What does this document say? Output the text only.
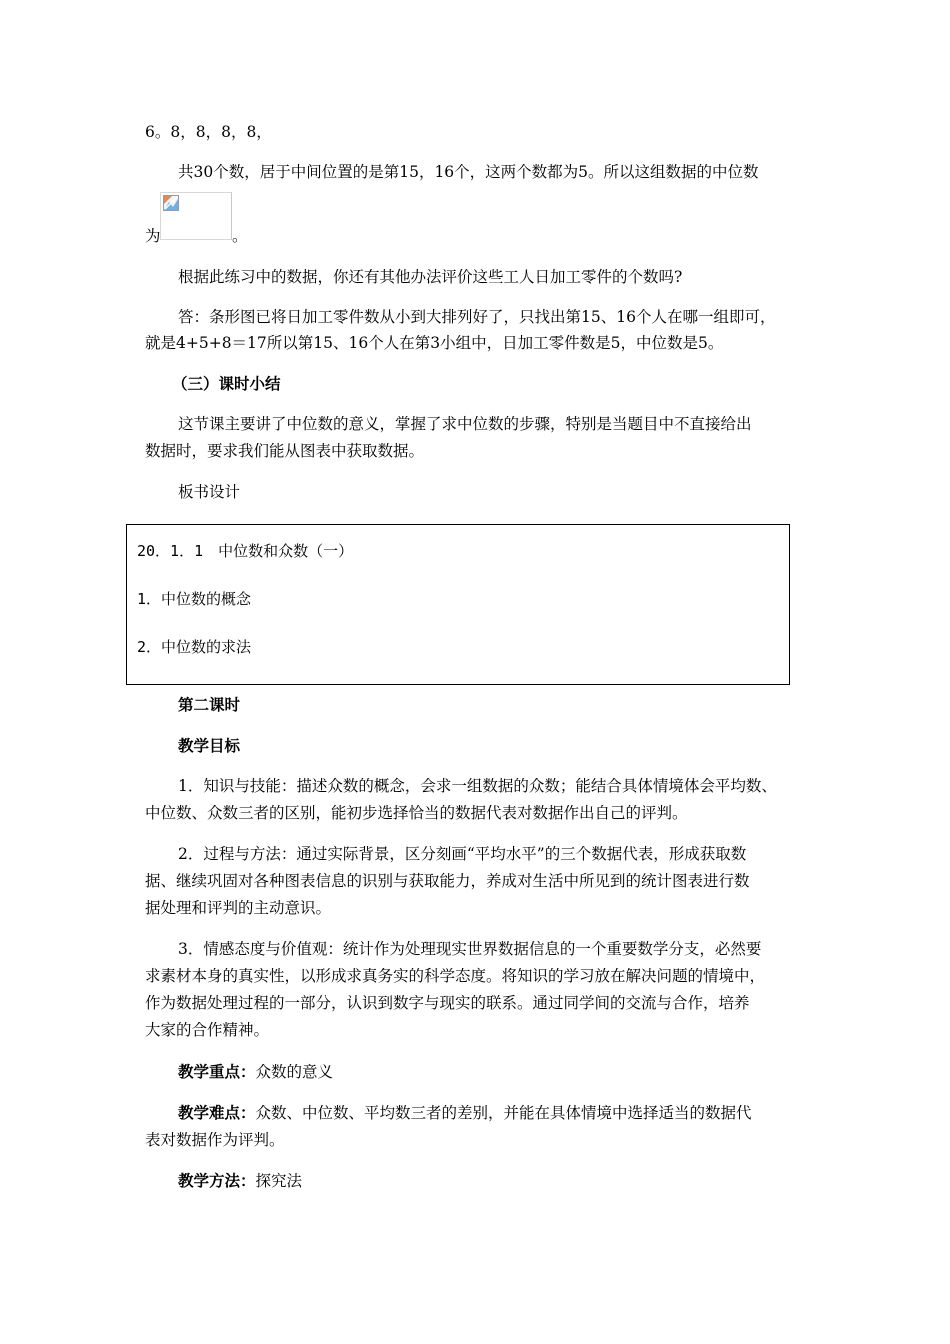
6。8，8，8，8，
共30个数，居于中间位置的是第15，16个，这两个数都为5。所以这组数据的中位数
为	。
根据此练习中的数据，你还有其他办法评价这些工人日加工零件的个数吗?
答：条形图已将日加工零件数从小到大排列好了，只找出第15、16个人在哪一组即可，
就是4+5+8＝17所以第15、16个人在第3小组中，日加工零件数是5，中位数是5。
（三）课时小结
这节课主要讲了中位数的意义，掌握了求中位数的步骤，特别是当题目中不直接给出
数据时，要求我们能从图表中获取数据。
板书设计
20．1．1　中位数和众数（一）
1．中位数的概念
2．中位数的求法
第二课时
教学目标
1．知识与技能：描述众数的概念，会求一组数据的众数；能结合具体情境体会平均数、
中位数、众数三者的区别，能初步选择恰当的数据代表对数据作出自己的评判。
2．过程与方法：通过实际背景，区分刻画“平均水平”的三个数据代表，形成获取数
据、继续巩固对各种图表信息的识别与获取能力，养成对生活中所见到的统计图表进行数
据处理和评判的主动意识。
3．情感态度与价值观：统计作为处理现实世界数据信息的一个重要数学分支，必然要
求素材本身的真实性，以形成求真务实的科学态度。将知识的学习放在解决问题的情境中，
作为数据处理过程的一部分，认识到数字与现实的联系。通过同学间的交流与合作，培养
大家的合作精神。
教学重点：众数的意义
教学难点：众数、中位数、平均数三者的差别，并能在具体情境中选择适当的数据代
表对数据作为评判。
教学方法：探究法
